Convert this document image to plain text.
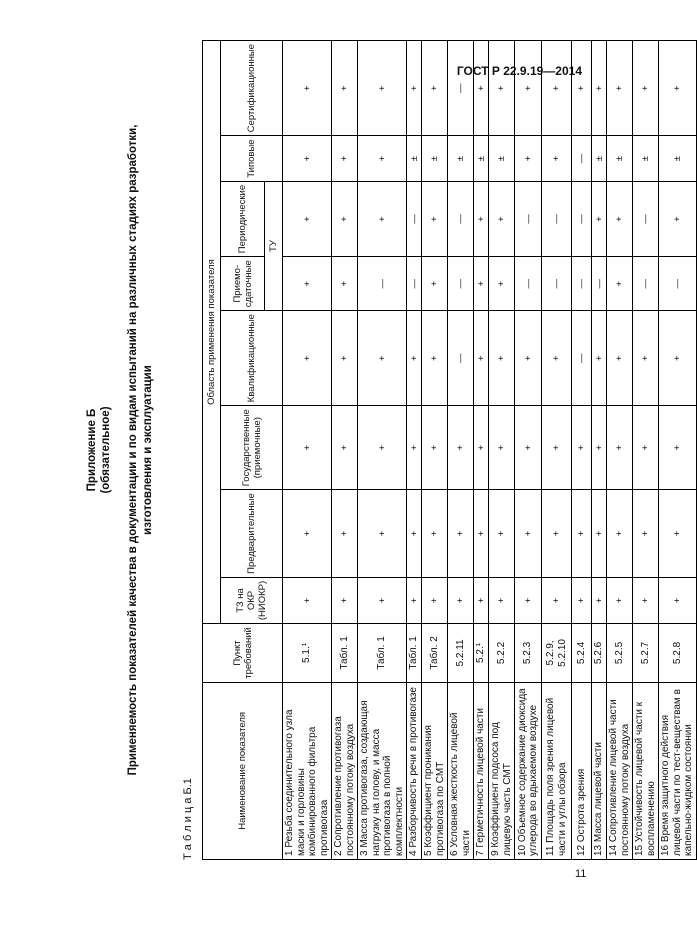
ГОСТ Р 22.9.19—2014
Приложение Б (обязательное) Применяемость показателей качества в документации и по видам испытаний на различных стадиях разработки, изготовления и эксплуатации
Т а б л и ц а Б.1	Наименование показателя	Пункт требований	Область применения показателя							
		ТЗ на ОКР (НИОКР)	Предварительные	Государственные (приемочные)	Квалификационные	Приемо-сдаточные	Периодические	Типовые	Сертификационные
						ТУ			
1 Резьба соединительного узла маски и горловины комбинированного фильтра противогаза	5.1.¹	+	+	+	+	+	+	+	+
2 Сопротивление противогаза постоянному потоку воздуха	Табл. 1	+	+	+	+	+	+	+	+
3 Масса противогаза, создающая нагрузку на голову, и масса противогаза в полной комплектности	Табл. 1	+	+	+	+	—	+	+	+
4 Разборчивость речи в противогазе	Табл. 1	+	+	+	+	—	—	±	+
5 Коэффициент проникания противогаза по СМТ	Табл. 2	+	+	+	+	+	+	±	+
6 Условная жесткость лицевой части	5.2.11	+	+	+	—	—	—	±	—
7 Герметичность лицевой части	5.2.¹	+	+	+	+	+	+	±	+
9 Коэффициент подсоса под лицевую часть СМТ	5.2.2	+	+	+	+	+	+	±	+
10 Объемное содержание диоксида углерода во вдыхаемом воздухе	5.2.3	+	+	+	+	—	—	+	+
11 Площадь поля зрения лицевой части и углы обзора	5.2.9, 5.2.10	+	+	+	+	—	—	+	+
12 Острота зрения	5.2.4	+	+	+	—	—	—	—	+
13 Масса лицевой части	5.2.6	+	+	+	+	—	+	±	+
14 Сопротивление лицевой части постоянному потоку воздуха	5.2.5	+	+	+	+	+	+	±	+
15 Устойчивость лицевой части к воспламенению	5.2.7	+	+	+	+	—	—	±	+
16 Время защитного действия лицевой части по тест-веществам в капельно-жидком состоянии	5.2.8	+	+	+	+	—	+	±	+
11
